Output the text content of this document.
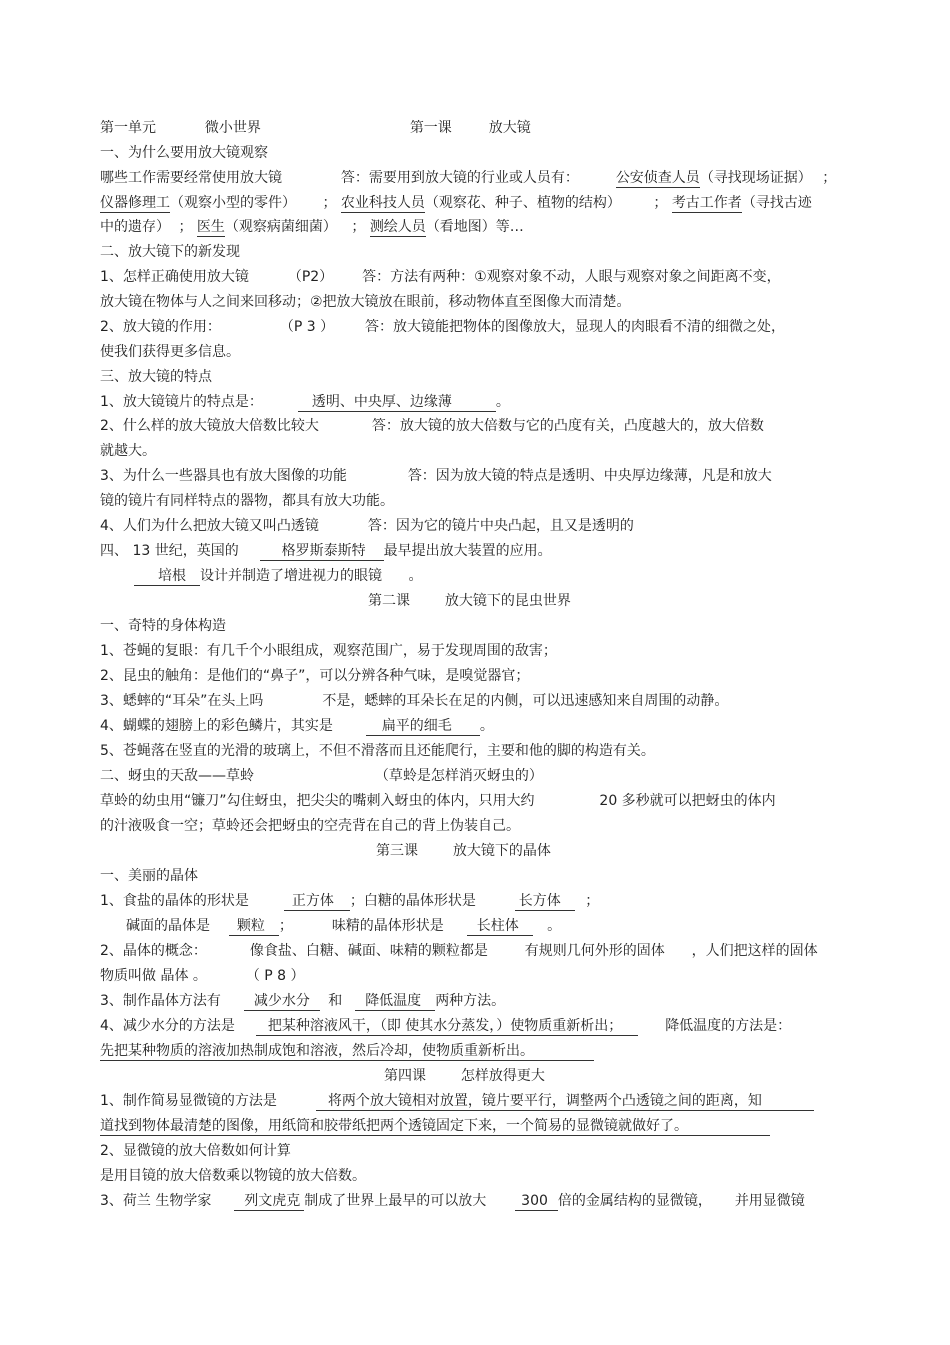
第一单元	微小世界	第一课	放大镜
一、为什么要用放大镜观察
哪些工作需要经常使用放大镜	答：需要用到放大镜的行业或人员有：	公安侦查人员（寻找现场证据） ；
仪器修理工（观察小型的零件） ； 农业科技人员（观察花、种子、植物的结构） ； 考古工作者（寻找古迹
中的遗存） ； 医生（观察病菌细菌） ； 测绘人员（看地图）等…
二、放大镜下的新发现
1、怎样正确使用放大镜	（P2） 答：方法有两种：①观察对象不动，人眼与观察对象之间距离不变，
放大镜在物体与人之间来回移动；②把放大镜放在眼前，移动物体直至图像大而清楚。
2、放大镜的作用：	（P 3 ） 答：放大镜能把物体的图像放大，显现人的肉眼看不清的细微之处，
使我们获得更多信息。
三、放大镜的特点
1、放大镜镜片的特点是：	透明、中央厚、边缘薄	。
2、什么样的放大镜放大倍数比较大	答：放大镜的放大倍数与它的凸度有关，凸度越大的，放大倍数
就越大。
3、为什么一些器具也有放大图像的功能	答：因为放大镜的特点是透明、中央厚边缘薄，凡是和放大
镜的镜片有同样特点的器物，都具有放大功能。
4、人们为什么把放大镜又叫凸透镜	答：因为它的镜片中央凸起，且又是透明的
四、 13 世纪，英国的	格罗斯泰斯特 最早提出放大装置的应用。
培根 设计并制造了增进视力的眼镜 。
第二课 放大镜下的昆虫世界
一、奇特的身体构造
1、苍蝇的复眼：有几千个小眼组成，观察范围广，易于发现周围的敌害；
2、昆虫的触角：是他们的“鼻子”，可以分辨各种气味，是嗅觉器官；
3、蟋蟀的“耳朵”在头上吗	不是，蟋蟀的耳朵长在足的内侧，可以迅速感知来自周围的动静。
4、蝴蝶的翅膀上的彩色鳞片，其实是	扁平的细毛 。
5、苍蝇落在竖直的光滑的玻璃上，不但不滑落而且还能爬行，主要和他的脚的构造有关。
二、蚜虫的天敌——草蛉	（草蛉是怎样消灭蚜虫的）
草蛉的幼虫用“镰刀”勾住蚜虫，把尖尖的嘴刺入蚜虫的体内，只用大约	20 多秒就可以把蚜虫的体内
的汁液吸食一空；草蛉还会把蚜虫的空壳背在自己的背上伪装自己。
第三课 放大镜下的晶体
一、美丽的晶体
1、食盐的晶体的形状是	正方体 ；白糖的晶体形状是	长方体 ；
碱面的晶体是 颗粒 ；	味精的晶体形状是 长柱体 。
2、晶体的概念：	像食盐、白糖、碱面、味精的颗粒都是	有规则几何外形的固体 ，人们把这样的固体
物质叫做 晶体 。	（ P 8 ）
3、制作晶体方法有 减少水分 和 降低温度 两种方法。
4、减少水分的方法是 把某种溶液风干，（即 使其水分蒸发，）使物质重新析出；	降低温度的方法是：
先把某种物质的溶液加热制成饱和溶液，然后冷却，使物质重新析出。
第四课 怎样放得更大
1、制作简易显微镜的方法是	将两个放大镜相对放置，镜片要平行，调整两个凸透镜之间的距离，知
道找到物体最清楚的图像，用纸筒和胶带纸把两个透镜固定下来，一个简易的显微镜就做好了。
2、显微镜的放大倍数如何计算
是用目镜的放大倍数乘以物镜的放大倍数。
3、荷兰 生物学家 列文虎克 制成了世界上最早的可以放大 300 倍的金属结构的显微镜， 并用显微镜
